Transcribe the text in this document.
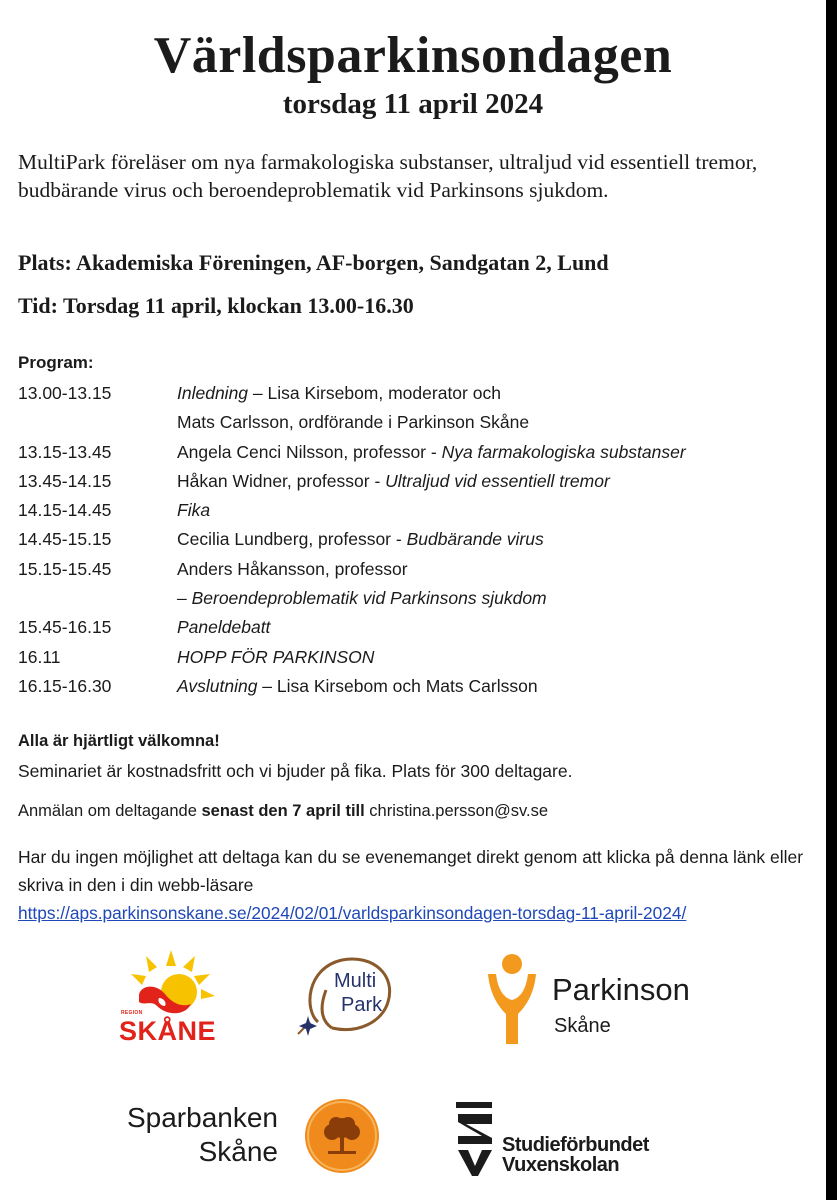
Världsparkinsondagen
torsdag 11 april 2024
MultiPark föreläser om nya farmakologiska substanser, ultraljud vid essentiell tremor, budbärande virus och beroendeproblematik vid Parkinsons sjukdom.
Plats: Akademiska Föreningen, AF-borgen, Sandgatan 2, Lund
Tid: Torsdag 11 april, klockan 13.00-16.30
Program:
13.00-13.15	Inledning – Lisa Kirsebom, moderator och
Mats Carlsson, ordförande i Parkinson Skåne
13.15-13.45	Angela Cenci Nilsson, professor - Nya farmakologiska substanser
13.45-14.15	Håkan Widner, professor - Ultraljud vid essentiell tremor
14.15-14.45	Fika
14.45-15.15	Cecilia Lundberg, professor - Budbärande virus
15.15-15.45	Anders Håkansson, professor
– Beroendeproblematik vid Parkinsons sjukdom
15.45-16.15	Paneldebatt
16.11	HOPP FÖR PARKINSON
16.15-16.30	Avslutning – Lisa Kirsebom och Mats Carlsson
Alla är hjärtligt välkomna!
Seminariet är kostnadsfritt och vi bjuder på fika. Plats för 300 deltagare.
Anmälan om deltagande senast den 7 april till christina.persson@sv.se
Har du ingen möjlighet att deltaga kan du se evenemanget direkt genom att klicka på denna länk eller skriva in den i din webb-läsare
https://aps.parkinsonskane.se/2024/02/01/varldsparkinsondagen-torsdag-11-april-2024/
REGION
SKÅNE
Multi
Park	Parkinson
Skåne
Sparbanken
Skåne	Studieförbundet
Vuxenskolan
